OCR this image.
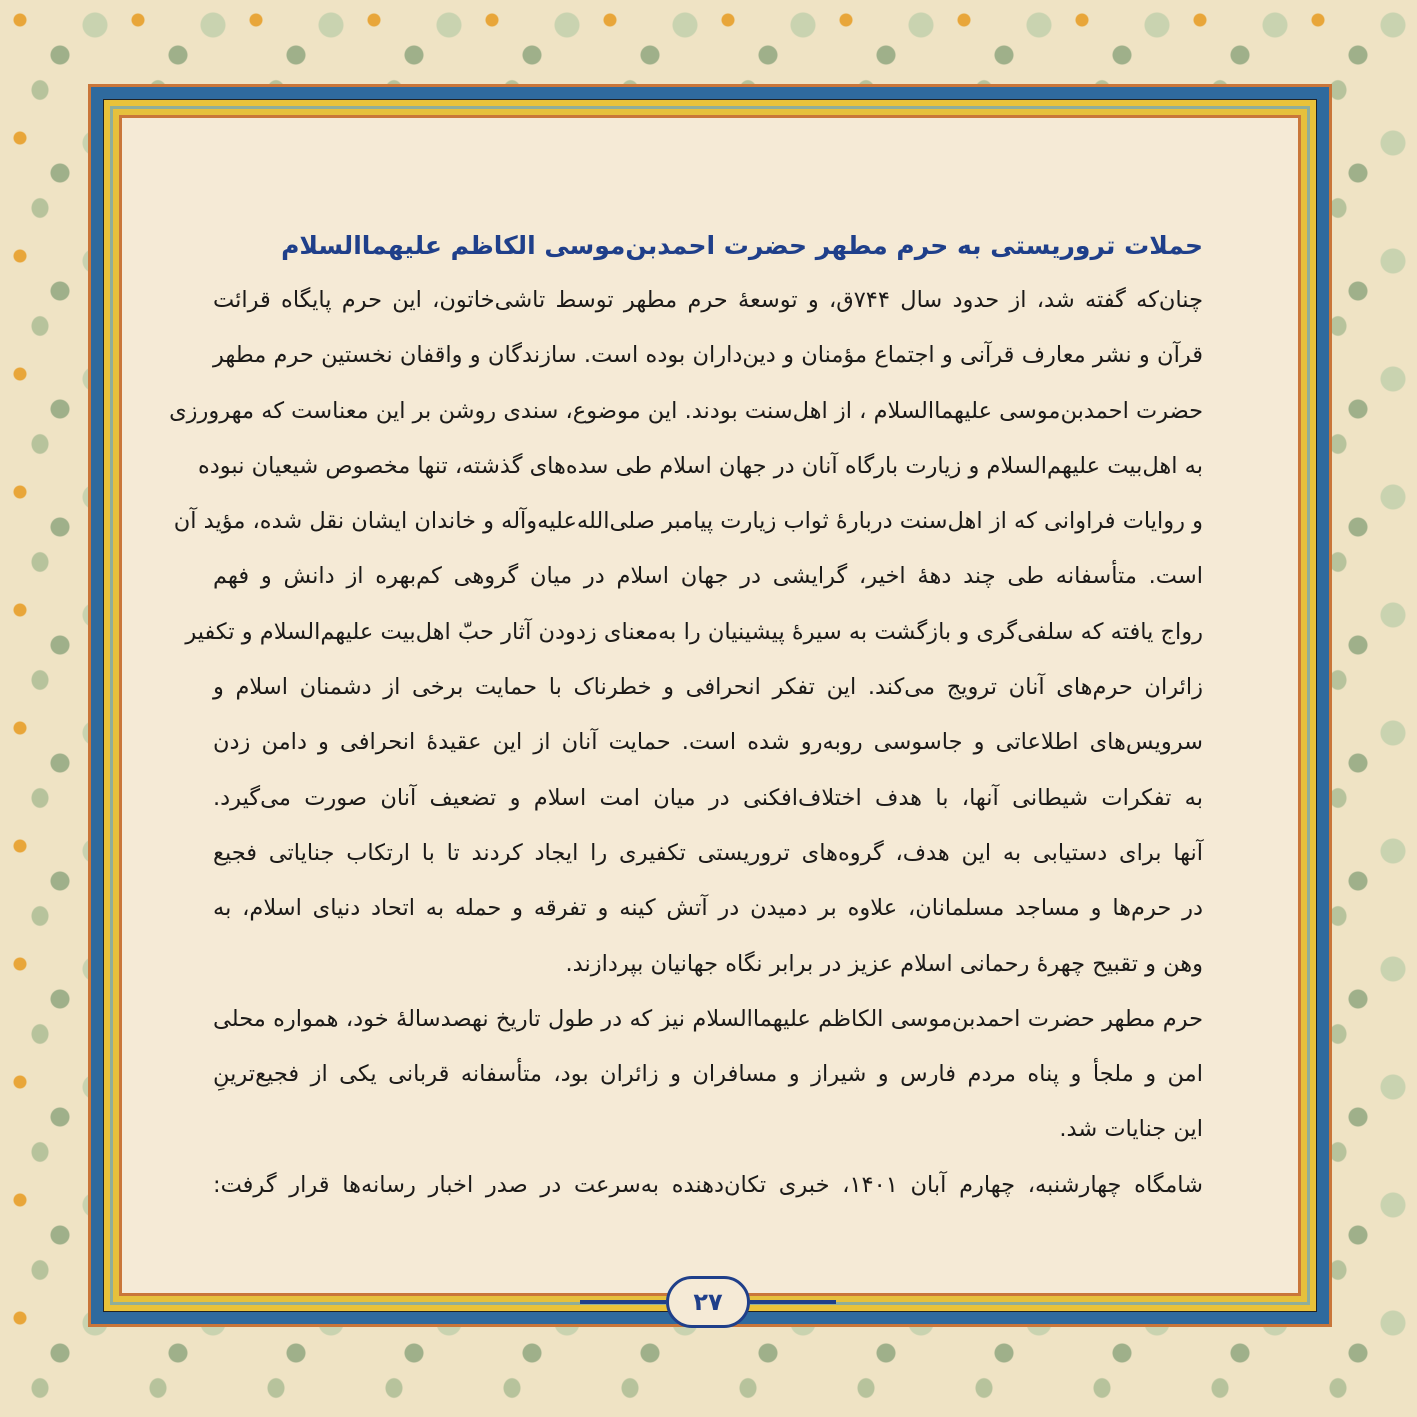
حملات تروریستی به حرم مطهر حضرت احمدبن‌موسی الکاظم علیهما‌السلام
چنان‌که گفته شد، از حدود سال ۷۴۴ق، و توسعهٔ حرم مطهر توسط تاشی‌خاتون، این حرم پایگاه قرائت
قرآن و نشر معارف قرآنی و اجتماع مؤمنان و دین‌داران بوده است. سازندگان و واقفان نخستین حرم مطهر
حضرت احمدبن‌موسی علیهما‌السلام ، از اهل‌سنت بودند. این موضوع، سندی روشن بر این معناست که مهرورزی
به اهل‌بیت علیهم‌السلام و زیارت بارگاه آنان در جهان اسلام طی سده‌های گذشته، تنها مخصوص شیعیان نبوده
و روایات فراوانی که از اهل‌سنت دربارهٔ ثواب زیارت پیامبر صلی‌الله‌علیه‌وآله و خاندان ایشان نقل شده، مؤید آن
است. متأسفانه طی چند دههٔ اخیر، گرایشی در جهان اسلام در میان گروهی کم‌بهره از دانش و فهم
رواج یافته که سلفی‌گری و بازگشت به سیرهٔ پیشینیان را به‌معنای زدودن آثار حبّ اهل‌بیت علیهم‌السلام و تکفیر
زائران حرم‌های آنان ترویج می‌کند. این تفکر انحرافی و خطرناک با حمایت برخی از دشمنان اسلام و
سرویس‌های اطلاعاتی و جاسوسی روبه‌رو شده است. حمایت آنان از این عقیدهٔ انحرافی و دامن زدن
به تفکرات شیطانی آنها، با هدف اختلاف‌افکنی در میان امت اسلام و تضعیف آنان صورت می‌گیرد.
آنها برای دستیابی به این هدف، گروه‌های تروریستی تکفیری را ایجاد کردند تا با ارتکاب جنایاتی فجیع
در حرم‌ها و مساجد مسلمانان، علاوه بر دمیدن در آتش کینه و تفرقه و حمله به اتحاد دنیای اسلام، به
وهن و تقبیح چهرهٔ رحمانی اسلام عزیز در برابر نگاه جهانیان بپردازند.
حرم مطهر حضرت احمدبن‌موسی الکاظم علیهما‌السلام نیز که در طول تاریخ نهصدسالهٔ خود، همواره محلی
امن و ملجأ و پناه مردم فارس و شیراز و مسافران و زائران بود، متأسفانه قربانی یکی از فجیع‌ترینِ
این جنایات شد.
شامگاه چهارشنبه، چهارم آبان ۱۴۰۱، خبری تکان‌دهنده به‌سرعت در صدر اخبار رسانه‌ها قرار گرفت:
۲۷
